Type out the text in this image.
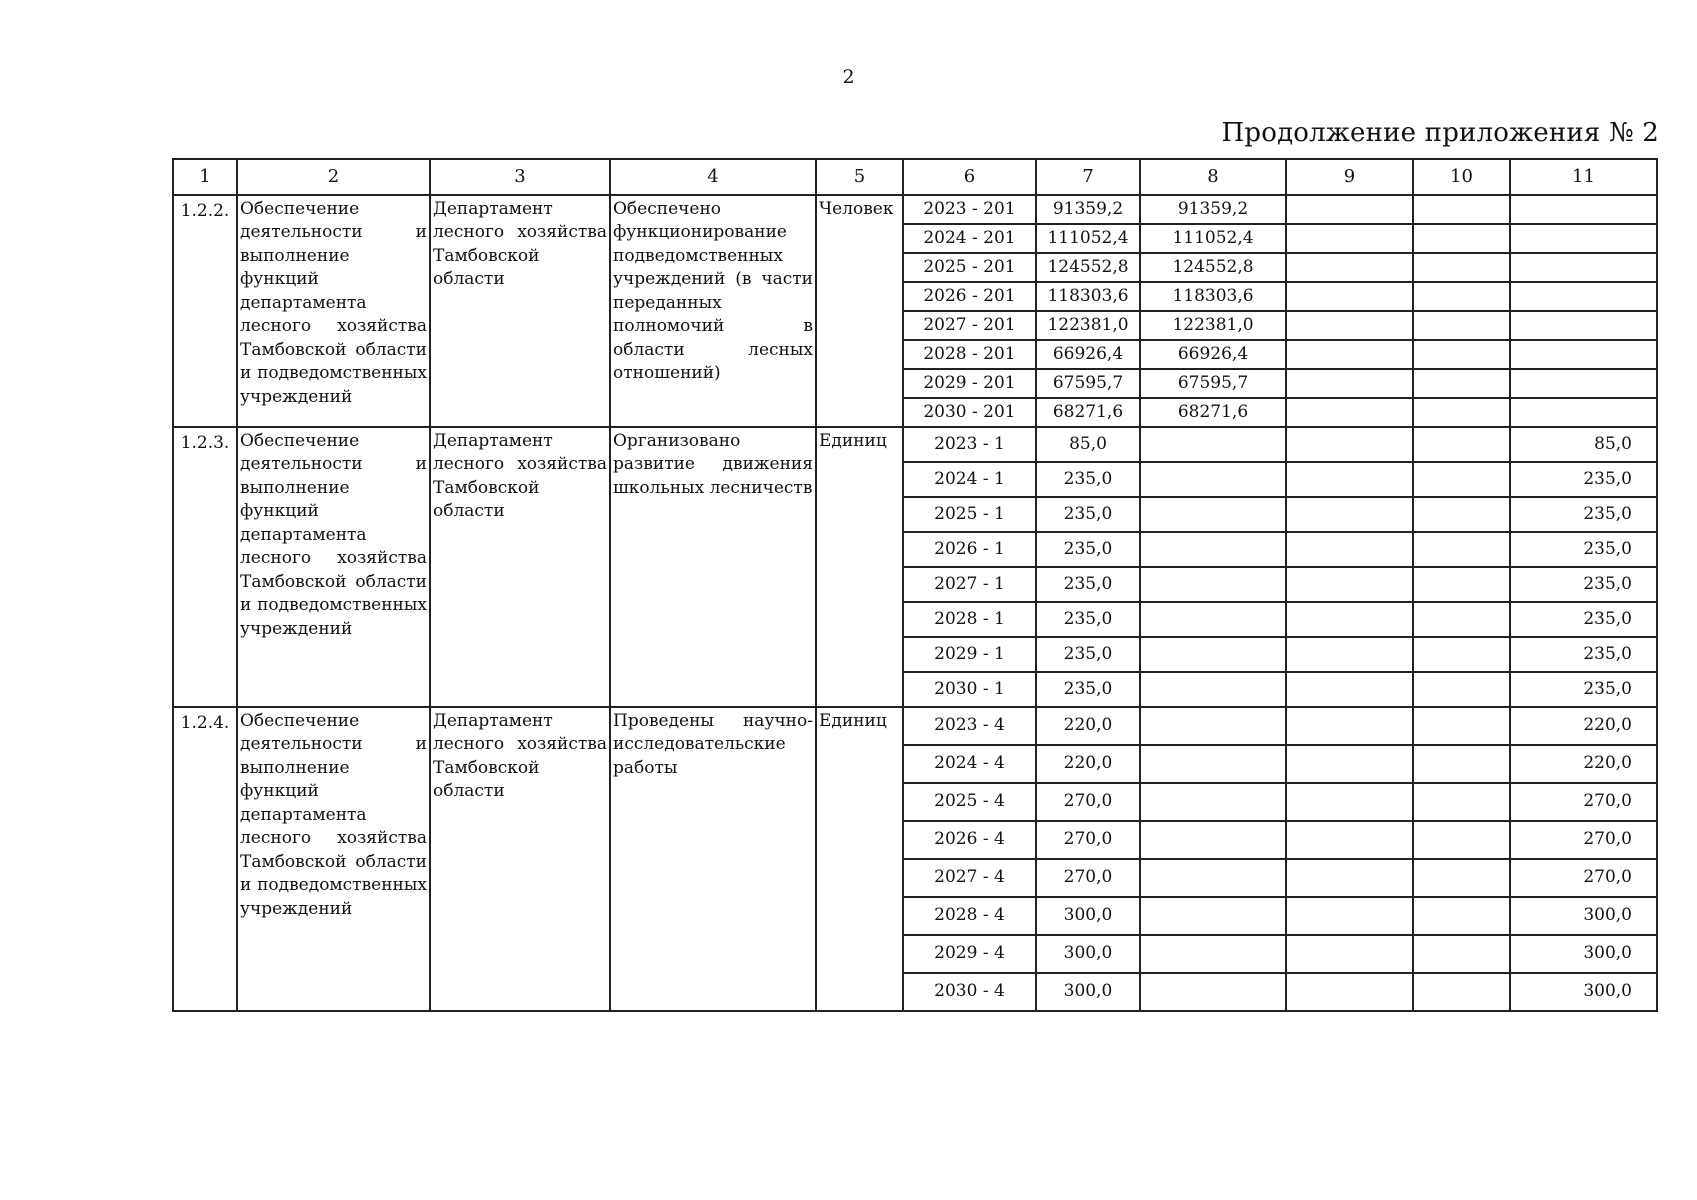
2
Продолжение приложения № 2
1	2	3	4	5	6	7	8	9	10	11
1.2.2.	Обеспечение деятельности и выполнение функций департамента лесного хозяйства Тамбовской области и подведомственных учреждений	Департамент лесного хозяйства Тамбовской области	Обеспечено функционирование подведомственных учреждений (в части переданных полномочий в области лесных отношений)	Человек	2023 - 201	91359,2	91359,2			
					2024 - 201	111052,4	111052,4			
					2025 - 201	124552,8	124552,8			
					2026 - 201	118303,6	118303,6			
					2027 - 201	122381,0	122381,0			
					2028 - 201	66926,4	66926,4			
					2029 - 201	67595,7	67595,7			
					2030 - 201	68271,6	68271,6			
1.2.3.	Обеспечение деятельности и выполнение функций департамента лесного хозяйства Тамбовской области и подведомственных учреждений	Департамент лесного хозяйства Тамбовской области	Организовано развитие движения школьных лесничеств	Единиц	2023 - 1	85,0				85,0
					2024 - 1	235,0				235,0
					2025 - 1	235,0				235,0
					2026 - 1	235,0				235,0
					2027 - 1	235,0				235,0
					2028 - 1	235,0				235,0
					2029 - 1	235,0				235,0
					2030 - 1	235,0				235,0
1.2.4.	Обеспечение деятельности и выполнение функций департамента лесного хозяйства Тамбовской области и подведомственных учреждений	Департамент лесного хозяйства Тамбовской области	Проведены научно-исследовательские работы	Единиц	2023 - 4	220,0				220,0
					2024 - 4	220,0				220,0
					2025 - 4	270,0				270,0
					2026 - 4	270,0				270,0
					2027 - 4	270,0				270,0
					2028 - 4	300,0				300,0
					2029 - 4	300,0				300,0
					2030 - 4	300,0				300,0
